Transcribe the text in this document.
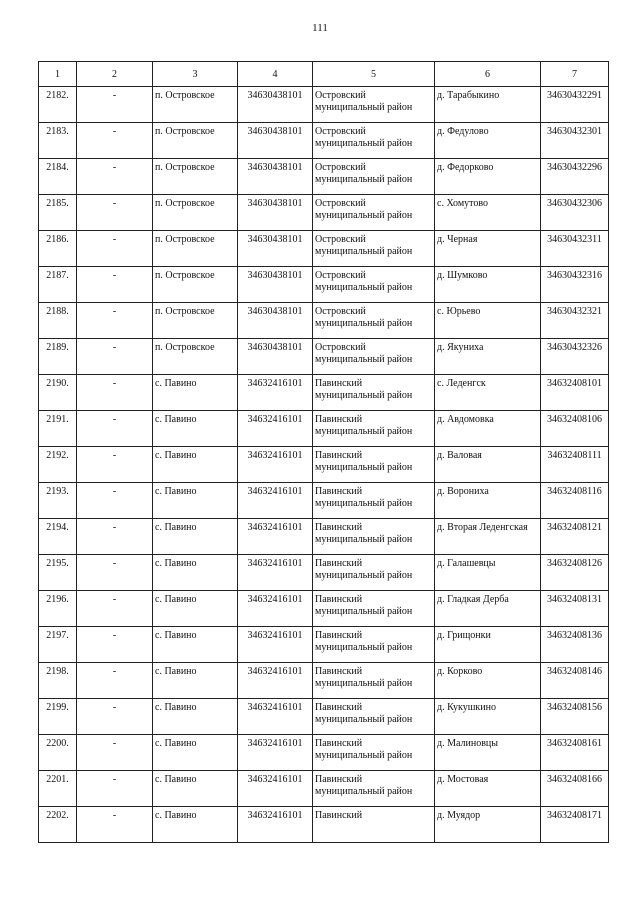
111
1	2	3	4	5	6	7
2182.	-	п. Островское	34630438101	Островский муниципальный район	д. Тарабыкино	34630432291
2183.	-	п. Островское	34630438101	Островский муниципальный район	д. Федулово	34630432301
2184.	-	п. Островское	34630438101	Островский муниципальный район	д. Федорково	34630432296
2185.	-	п. Островское	34630438101	Островский муниципальный район	с. Хомутово	34630432306
2186.	-	п. Островское	34630438101	Островский муниципальный район	д. Черная	34630432311
2187.	-	п. Островское	34630438101	Островский муниципальный район	д. Шумково	34630432316
2188.	-	п. Островское	34630438101	Островский муниципальный район	с. Юрьево	34630432321
2189.	-	п. Островское	34630438101	Островский муниципальный район	д. Якуниха	34630432326
2190.	-	с. Павино	34632416101	Павинский муниципальный район	с. Леденгск	34632408101
2191.	-	с. Павино	34632416101	Павинский муниципальный район	д. Авдомовка	34632408106
2192.	-	с. Павино	34632416101	Павинский муниципальный район	д. Валовая	34632408111
2193.	-	с. Павино	34632416101	Павинский муниципальный район	д. Ворониха	34632408116
2194.	-	с. Павино	34632416101	Павинский муниципальный район	д. Вторая Леденгская	34632408121
2195.	-	с. Павино	34632416101	Павинский муниципальный район	д. Галашевцы	34632408126
2196.	-	с. Павино	34632416101	Павинский муниципальный район	д. Гладкая Дерба	34632408131
2197.	-	с. Павино	34632416101	Павинский муниципальный район	д. Грищонки	34632408136
2198.	-	с. Павино	34632416101	Павинский муниципальный район	д. Корково	34632408146
2199.	-	с. Павино	34632416101	Павинский муниципальный район	д. Кукушкино	34632408156
2200.	-	с. Павино	34632416101	Павинский муниципальный район	д. Малиновцы	34632408161
2201.	-	с. Павино	34632416101	Павинский муниципальный район	д. Мостовая	34632408166
2202.	-	с. Павино	34632416101	Павинский	д. Муядор	34632408171
